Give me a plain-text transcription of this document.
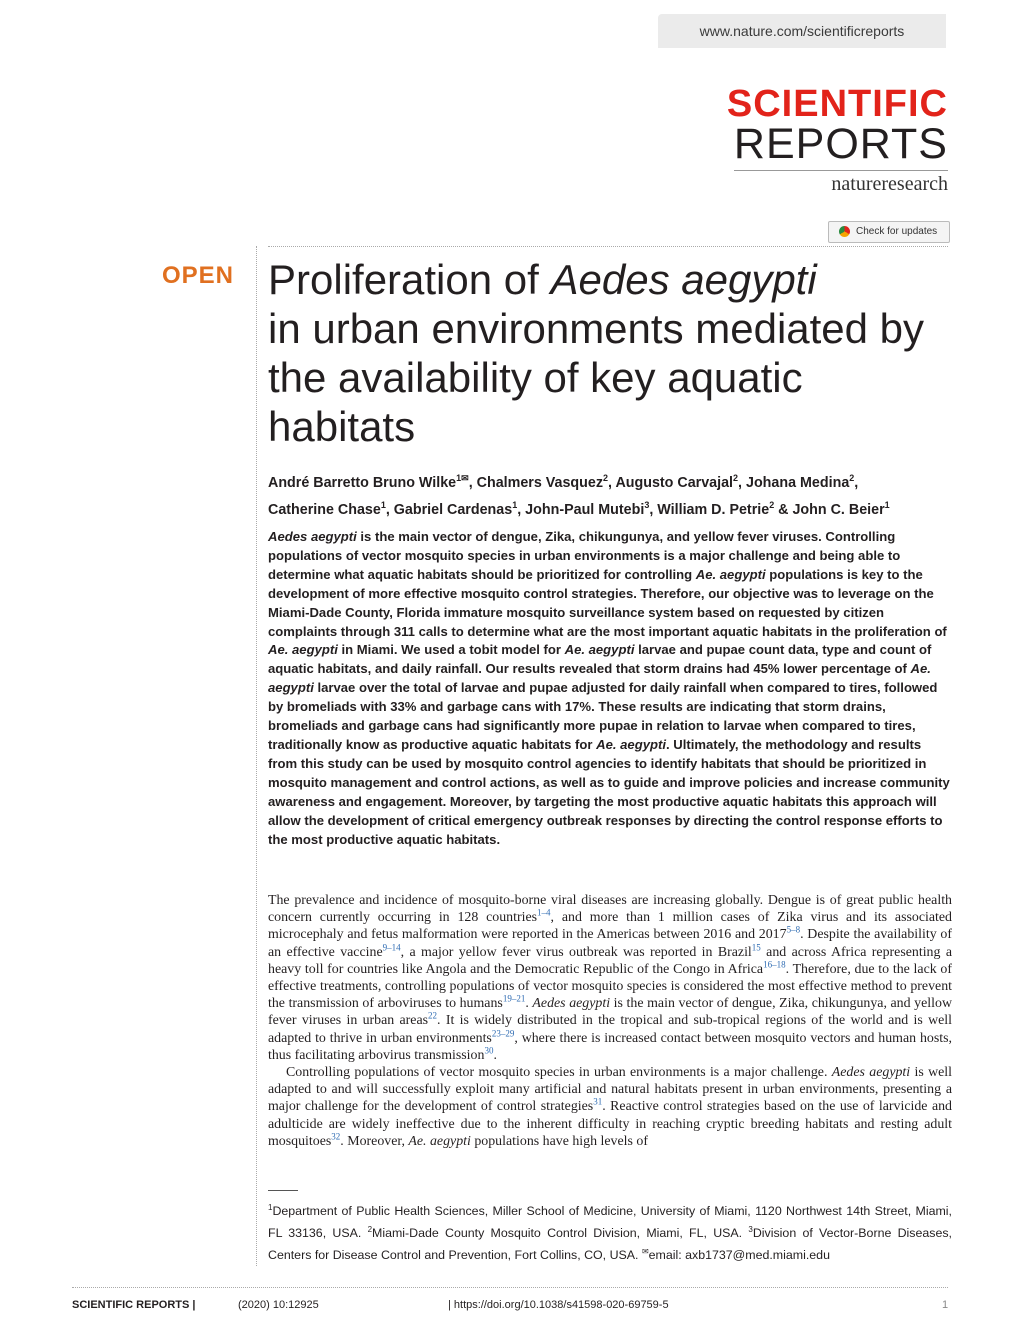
www.nature.com/scientificreports
SCIENTIFIC
REPORTS
natureresearch
Check for updates
OPEN Proliferation of Aedes aegypti
in urban environments mediated by the availability of key aquatic habitats
André Barretto Bruno Wilke$^{1✉}$, Chalmers Vasquez$^2$, Augusto Carvajal$^2$, Johana Medina$^2$,
Catherine Chase$^1$, Gabriel Cardenas$^1$, John-Paul Mutebi$^3$, William D. Petrie$^2$ & John C. Beier$^1$

Aedes aegypti is the main vector of dengue, Zika, chikungunya, and yellow fever viruses. Controlling populations of vector mosquito species in urban environments is a major challenge and being able to determine what aquatic habitats should be prioritized for controlling Ae. aegypti populations is key to the development of more effective mosquito control strategies. Therefore, our objective was to leverage on the Miami-Dade County, Florida immature mosquito surveillance system based on requested by citizen complaints through 311 calls to determine what are the most important aquatic habitats in the proliferation of Ae. aegypti in Miami. We used a tobit model for Ae. aegypti larvae and pupae count data, type and count of aquatic habitats, and daily rainfall. Our results revealed that storm drains had 45% lower percentage of Ae. aegypti larvae over the total of larvae and pupae adjusted for daily rainfall when compared to tires, followed by bromeliads with 33% and garbage cans with 17%. These results are indicating that storm drains, bromeliads and garbage cans had significantly more pupae in relation to larvae when compared to tires, traditionally know as productive aquatic habitats for Ae. aegypti. Ultimately, the methodology and results from this study can be used by mosquito control agencies to identify habitats that should be prioritized in mosquito management and control actions, as well as to guide and improve policies and increase community awareness and engagement. Moreover, by targeting the most productive aquatic habitats this approach will allow the development of critical emergency outbreak responses by directing the control response efforts to the most productive aquatic habitats.

The prevalence and incidence of mosquito-borne viral diseases are increasing globally. Dengue is of great public health concern currently occurring in 128 countries$^{1-4}$, and more than 1 million cases of Zika virus and its associated microcephaly and fetus malformation were reported in the Americas between 2016 and 2017$^{5-8}$. Despite the availability of an effective vaccine$^{9-14}$, a major yellow fever virus outbreak was reported in Brazil$^{15}$ and across Africa representing a heavy toll for countries like Angola and the Democratic Republic of the Congo in Africa$^{16-18}$. Therefore, due to the lack of effective treatments, controlling populations of vector mosquito species is considered the most effective method to prevent the transmission of arboviruses to humans$^{19-21}$. Aedes aegypti is the main vector of dengue, Zika, chikungunya, and yellow fever viruses in urban areas$^{22}$. It is widely distributed in the tropical and sub-tropical regions of the world and is well adapted to thrive in urban environments$^{23-29}$, where there is increased contact between mosquito vectors and human hosts, thus facilitating arbovirus transmission$^{30}$.

Controlling populations of vector mosquito species in urban environments is a major challenge. Aedes aegypti is well adapted to and will successfully exploit many artificial and natural habitats present in urban environments, presenting a major challenge for the development of control strategies$^{31}$. Reactive control strategies based on the use of larvicide and adulticide are widely ineffective due to the inherent difficulty in reaching cryptic breeding habitats and resting adult mosquitoes$^{32}$. Moreover, Ae. aegypti populations have high levels of

$^1$Department of Public Health Sciences, Miller School of Medicine, University of Miami, 1120 Northwest 14th Street, Miami, FL 33136, USA. $^2$Miami-Dade County Mosquito Control Division, Miami, FL, USA. $^3$Division of Vector-Borne Diseases, Centers for Disease Control and Prevention, Fort Collins, CO, USA. ✉email: axb1737@med.miami.edu
SCIENTIFIC REPORTS |	(2020) 10:12925	| https://doi.org/10.1038/s41598-020-69759-5	1
